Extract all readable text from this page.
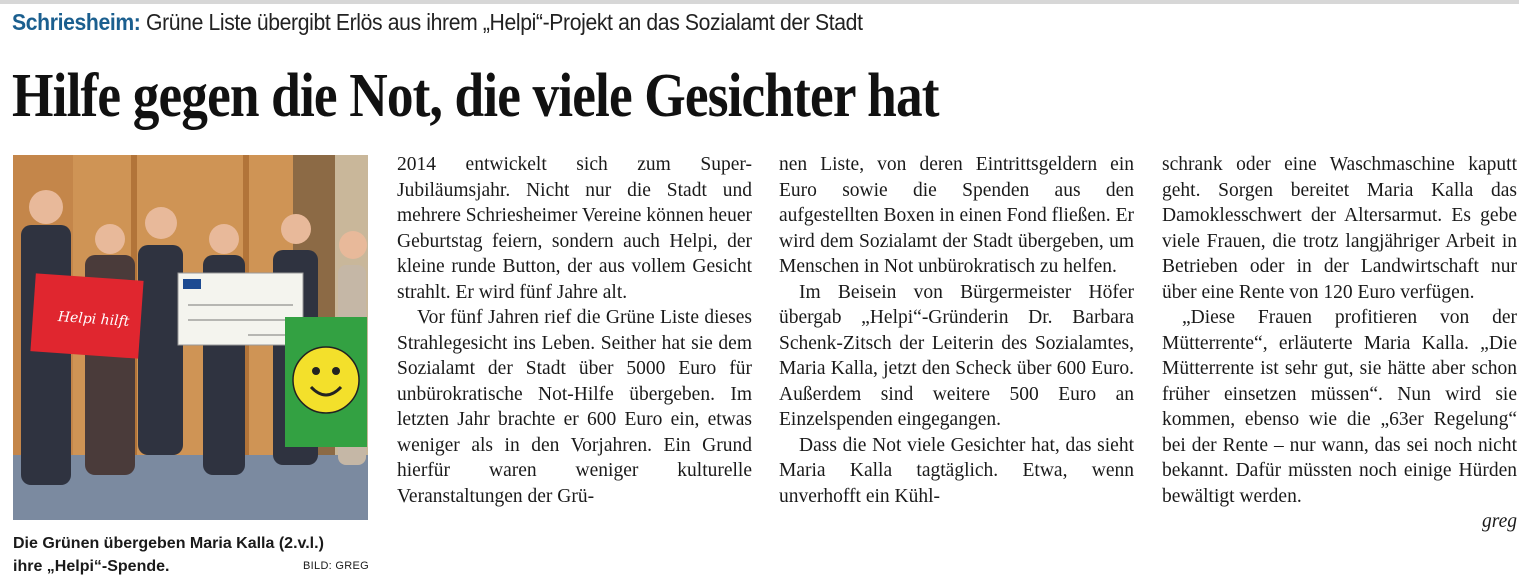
Schriesheim: Grüne Liste übergibt Erlös aus ihrem „Helpi“-Projekt an das Sozialamt der Stadt
Hilfe gegen die Not, die viele Gesichter hat
Helpi hilft
Die Grünen übergeben Maria Kalla (2.v.l.)
ihre „Helpi“-Spende.	BILD: GREG

2014 entwickelt sich zum Super-Jubiläumsjahr. Nicht nur die Stadt und mehrere Schriesheimer Vereine können heuer Geburtstag feiern, sondern auch Helpi, der kleine runde Button, der aus vollem Gesicht strahlt. Er wird fünf Jahre alt.

Vor fünf Jahren rief die Grüne Liste dieses Strahlegesicht ins Leben. Seither hat sie dem Sozialamt der Stadt über 5000 Euro für unbürokratische Not-Hilfe übergeben. Im letzten Jahr brachte er 600 Euro ein, etwas weniger als in den Vorjahren. Ein Grund hierfür waren weniger kulturelle Veranstaltungen der Grü-

nen Liste, von deren Eintrittsgeldern ein Euro sowie die Spenden aus den aufgestellten Boxen in einen Fond fließen. Er wird dem Sozialamt der Stadt übergeben, um Menschen in Not unbürokratisch zu helfen.

Im Beisein von Bürgermeister Höfer übergab „Helpi“-Gründerin Dr. Barbara Schenk-Zitsch der Leiterin des Sozialamtes, Maria Kalla, jetzt den Scheck über 600 Euro. Außerdem sind weitere 500 Euro an Einzelspenden eingegangen.

Dass die Not viele Gesichter hat, das sieht Maria Kalla tagtäglich. Etwa, wenn unverhofft ein Kühl-

schrank oder eine Waschmaschine kaputt geht. Sorgen bereitet Maria Kalla das Damoklesschwert der Altersarmut. Es gebe viele Frauen, die trotz langjähriger Arbeit in Betrieben oder in der Landwirtschaft nur über eine Rente von 120 Euro verfügen.

„Diese Frauen profitieren von der Mütterrente“, erläuterte Maria Kalla. „Die Mütterrente ist sehr gut, sie hätte aber schon früher einsetzen müssen“. Nun wird sie kommen, ebenso wie die „63er Regelung“ bei der Rente – nur wann, das sei noch nicht bekannt. Dafür müssten noch einige Hürden bewältigt werden.

greg
